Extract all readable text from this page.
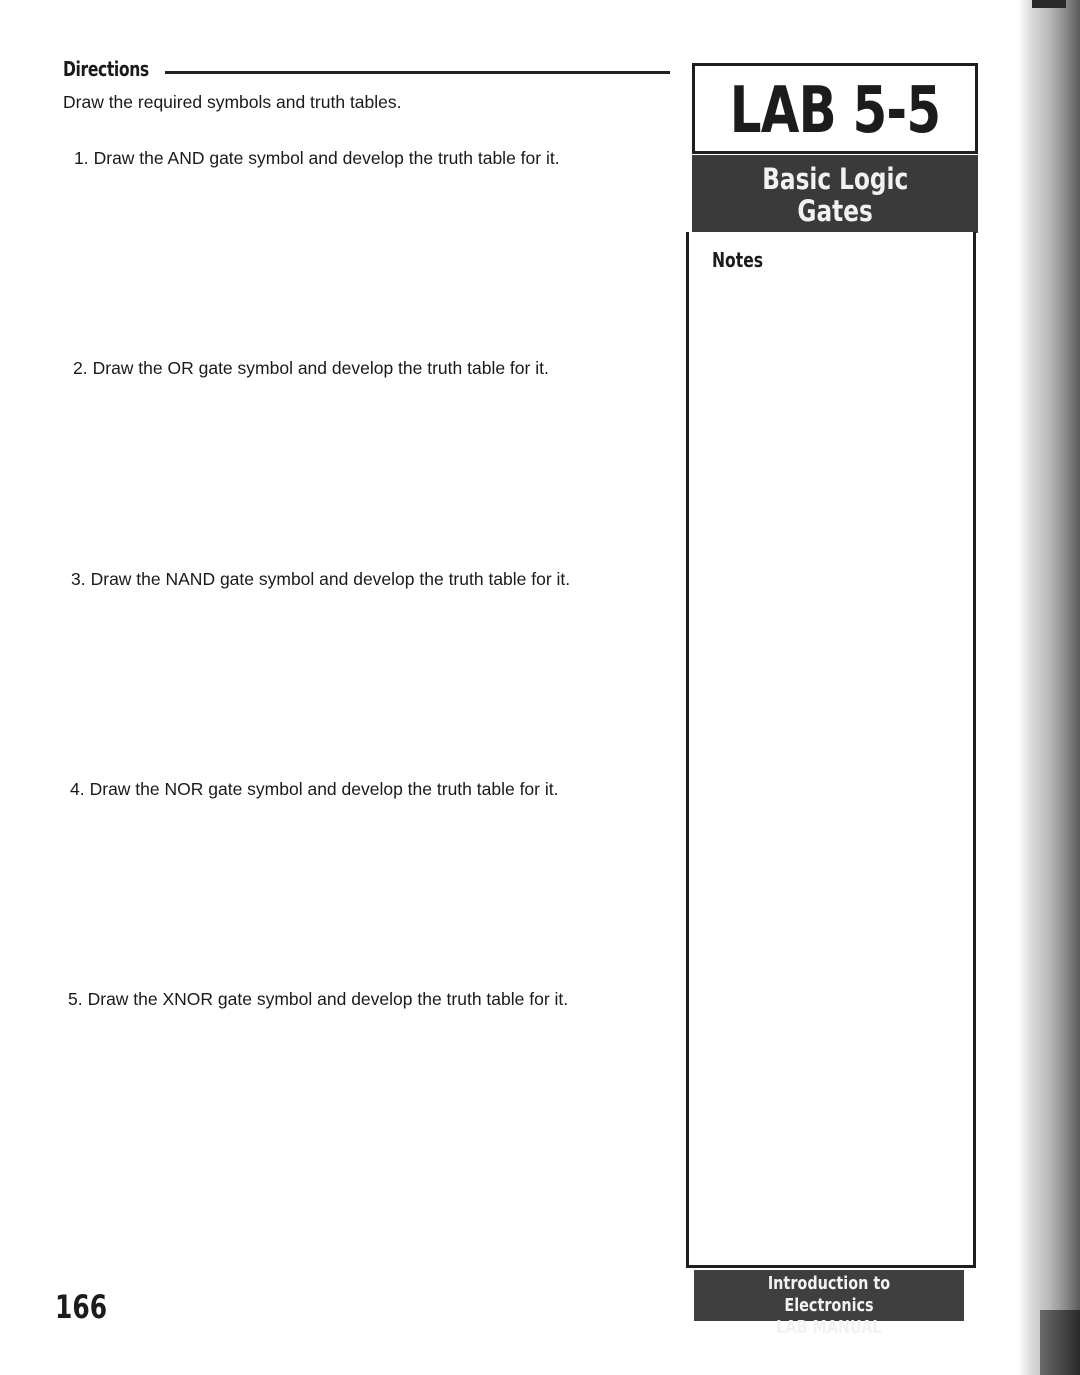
Directions
Draw the required symbols and truth tables.
1. Draw the AND gate symbol and develop the truth table for it.
2. Draw the OR gate symbol and develop the truth table for it.
3. Draw the NAND gate symbol and develop the truth table for it.
4. Draw the NOR gate symbol and develop the truth table for it.
5. Draw the XNOR gate symbol and develop the truth table for it.
LAB 5-5
Basic Logic
Gates
Notes
Introduction to Electronics
LAB MANUAL
166
